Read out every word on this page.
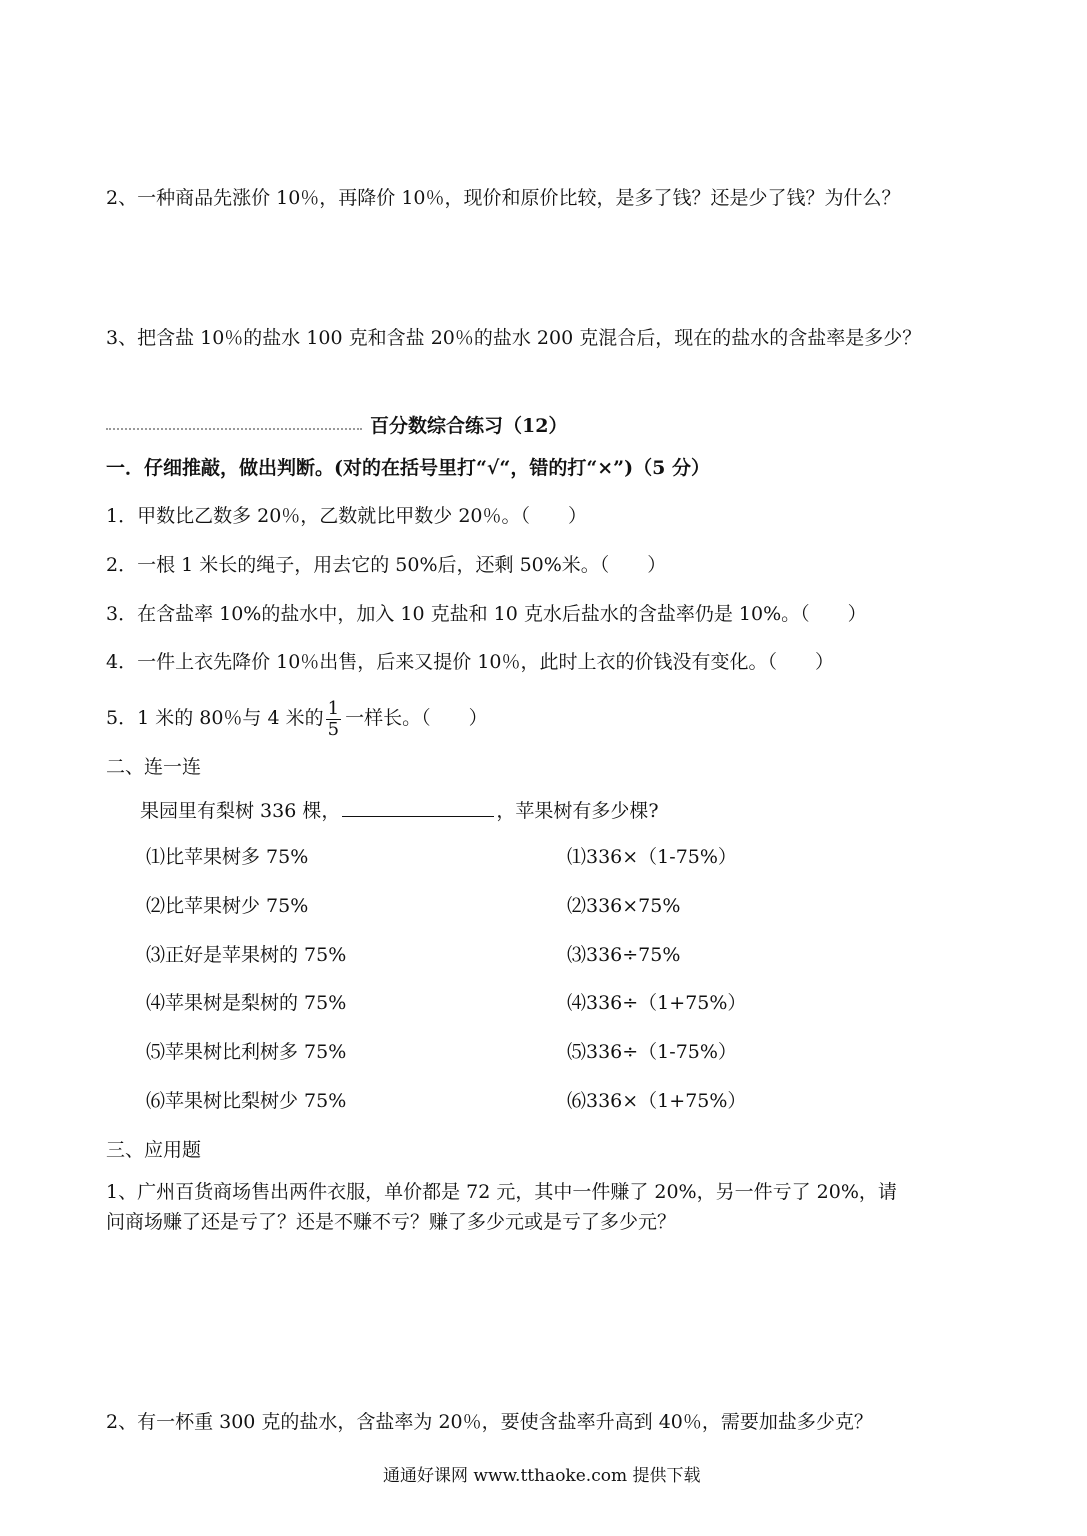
2、一种商品先涨价 10％，再降价 10％，现价和原价比较，是多了钱？还是少了钱？为什么？
3、把含盐 10％的盐水 100 克和含盐 20％的盐水 200 克混合后，现在的盐水的含盐率是多少？
百分数综合练习（12）
一．仔细推敲，做出判断。(对的在括号里打“√“，错的打“×”)（5 分）
1．甲数比乙数多 20％，乙数就比甲数少 20％。（　　）
2．一根 1 米长的绳子，用去它的 50%后，还剩 50%米。（　　）
3．在含盐率 10%的盐水中，加入 10 克盐和 10 克水后盐水的含盐率仍是 10%。（　　）
4．一件上衣先降价 10％出售，后来又提价 10％，此时上衣的价钱没有变化。（　　）
5．1 米的 80％与 4 米的 $\frac{1}{5}$ 一样长。（　　）
二、连一连
果园里有梨树 336 棵，	，苹果树有多少棵?
⑴比苹果树多 75%
⑵比苹果树少 75%
⑶正好是苹果树的 75%
⑷苹果树是梨树的 75%
⑸苹果树比利树多 75%
⑹苹果树比梨树少 75%
⑴336×（1-75%）
⑵336×75%
⑶336÷75%
⑷336÷（1+75%）
⑸336÷（1-75%）
⑹336×（1+75%）
三、应用题
1、广州百货商场售出两件衣服，单价都是 72 元，其中一件赚了 20%，另一件亏了 20%，请
问商场赚了还是亏了？还是不赚不亏？赚了多少元或是亏了多少元？
2、有一杯重 300 克的盐水，含盐率为 20％，要使含盐率升高到 40％，需要加盐多少克？
通通好课网 www.tthaoke.com 提供下载
